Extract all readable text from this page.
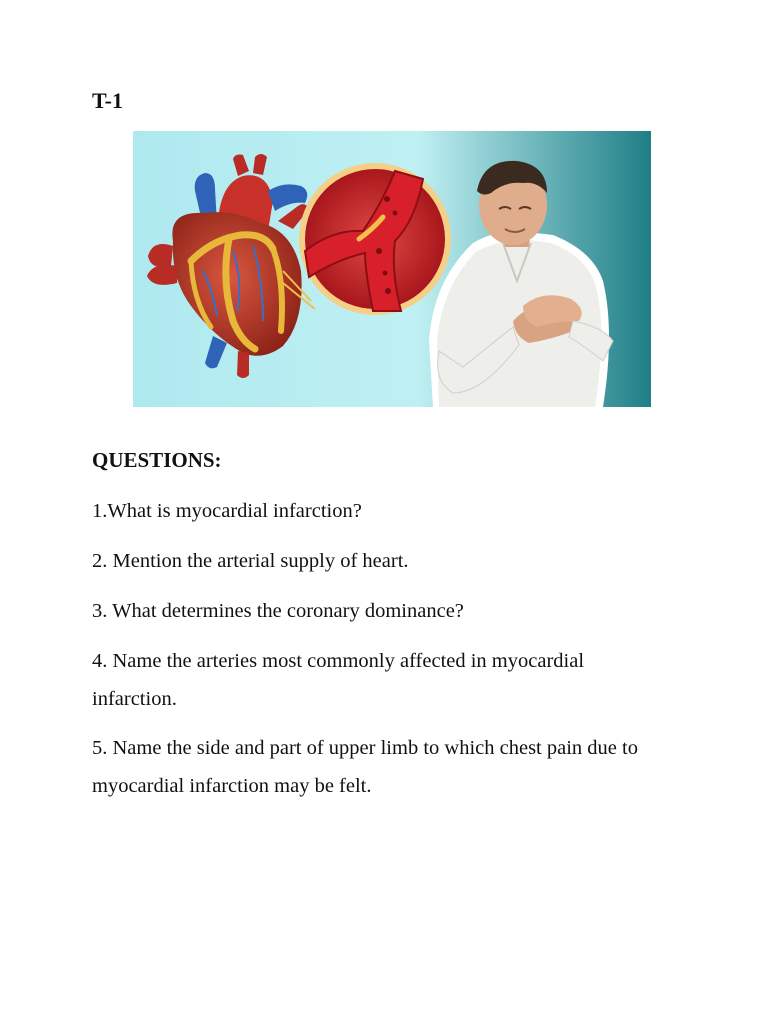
T-1
QUESTIONS:

1.What is myocardial infarction?

2. Mention the arterial supply of heart.

3. What determines the coronary dominance?

4. Name the arteries most commonly affected in myocardial infarction.

5. Name the side and part of upper limb to which chest pain due to myocardial infarction may be felt.
